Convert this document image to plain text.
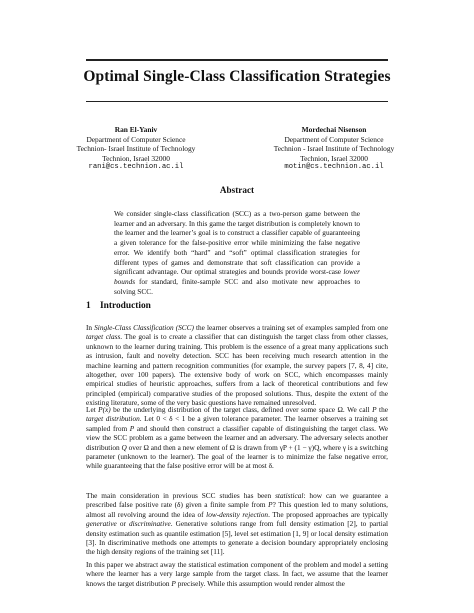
Optimal Single-Class Classification Strategies
Ran El-Yaniv
Department of Computer Science
Technion- Israel Institute of Technology
Technion, Israel 32000
rani@cs.technion.ac.il
Mordechai Nisenson
Department of Computer Science
Technion - Israel Institute of Technology
Technion, Israel 32000
motin@cs.technion.ac.il
Abstract
We consider single-class classification (SCC) as a two-person game between the learner and an adversary. In this game the target distribution is completely known to the learner and the learner’s goal is to construct a classifier capable of guaranteeing a given tolerance for the false-positive error while minimizing the false negative error. We identify both “hard” and “soft” optimal classification strategies for different types of games and demonstrate that soft classification can provide a significant advantage. Our optimal strategies and bounds provide worst-case lower bounds for standard, finite-sample SCC and also motivate new approaches to solving SCC.
1 Introduction
In Single-Class Classification (SCC) the learner observes a training set of examples sampled from one target class. The goal is to create a classifier that can distinguish the target class from other classes, unknown to the learner during training. This problem is the essence of a great many applications such as intrusion, fault and novelty detection. SCC has been receiving much research attention in the machine learning and pattern recognition communities (for example, the survey papers [7, 8, 4] cite, altogether, over 100 papers). The extensive body of work on SCC, which encompasses mainly empirical studies of heuristic approaches, suffers from a lack of theoretical contributions and few principled (empirical) comparative studies of the proposed solutions. Thus, despite the extent of the existing literature, some of the very basic questions have remained unresolved.
Let P(x) be the underlying distribution of the target class, defined over some space Ω. We call P the target distribution. Let 0 < δ < 1 be a given tolerance parameter. The learner observes a training set sampled from P and should then construct a classifier capable of distinguishing the target class. We view the SCC problem as a game between the learner and an adversary. The adversary selects another distribution Q over Ω and then a new element of Ω is drawn from γP + (1 − γ)Q, where γ is a switching parameter (unknown to the learner). The goal of the learner is to minimize the false negative error, while guaranteeing that the false positive error will be at most δ.
The main consideration in previous SCC studies has been statistical: how can we guarantee a prescribed false positive rate (δ) given a finite sample from P? This question led to many solutions, almost all revolving around the idea of low-density rejection. The proposed approaches are typically generative or discriminative. Generative solutions range from full density estimation [2], to partial density estimation such as quantile estimation [5], level set estimation [1, 9] or local density estimation [3]. In discriminative methods one attempts to generate a decision boundary appropriately enclosing the high density regions of the training set [11].
In this paper we abstract away the statistical estimation component of the problem and model a setting where the learner has a very large sample from the target class. In fact, we assume that the learner knows the target distribution P precisely. While this assumption would render almost the
